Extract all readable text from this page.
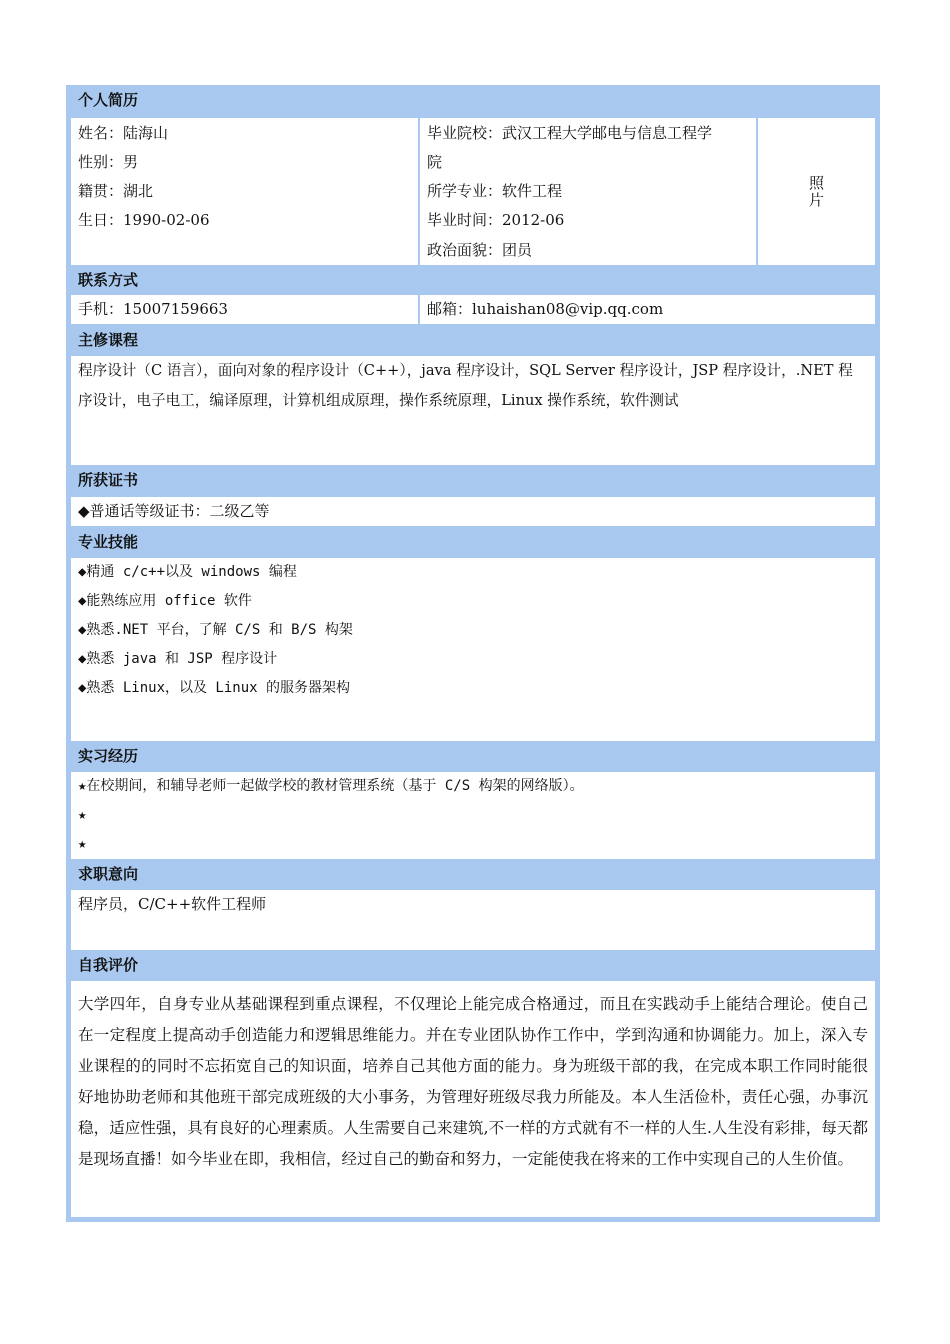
个人简历
姓名：陆海山
性别：男
籍贯：湖北
生日：1990-02-06
毕业院校：武汉工程大学邮电与信息工程学
院
所学专业：软件工程
毕业时间：2012-06
政治面貌：团员
照
片
联系方式
手机：15007159663	邮箱：luhaishan08@vip.qq.com
主修课程
程序设计（C 语言），面向对象的程序设计（C++），java 程序设计，SQL Server 程序设计，JSP 程序设计，.NET 程
序设计，电子电工，编译原理，计算机组成原理，操作系统原理，Linux 操作系统，软件测试
所获证书
◆普通话等级证书：二级乙等
专业技能
◆精通 c/c++以及 windows 编程
◆能熟练应用 office 软件
◆熟悉.NET 平台，了解 C/S 和 B/S 构架
◆熟悉 java 和 JSP 程序设计
◆熟悉 Linux，以及 Linux 的服务器架构
实习经历
★在校期间，和辅导老师一起做学校的教材管理系统（基于 C/S 构架的网络版）。
★
★
求职意向
程序员，C/C++软件工程师
自我评价
大学四年，自身专业从基础课程到重点课程，不仅理论上能完成合格通过，而且在实践动手上能结合理论。使自己在一定程度上提高动手创造能力和逻辑思维能力。并在专业团队协作工作中，学到沟通和协调能力。加上，深入专业课程的的同时不忘拓宽自己的知识面，培养自己其他方面的能力。身为班级干部的我，在完成本职工作同时能很好地协助老师和其他班干部完成班级的大小事务，为管理好班级尽我力所能及。本人生活俭朴，责任心强，办事沉稳，适应性强，具有良好的心理素质。人生需要自己来建筑,不一样的方式就有不一样的人生.人生没有彩排，每天都是现场直播！如今毕业在即，我相信，经过自己的勤奋和努力，一定能使我在将来的工作中实现自己的人生价值。
